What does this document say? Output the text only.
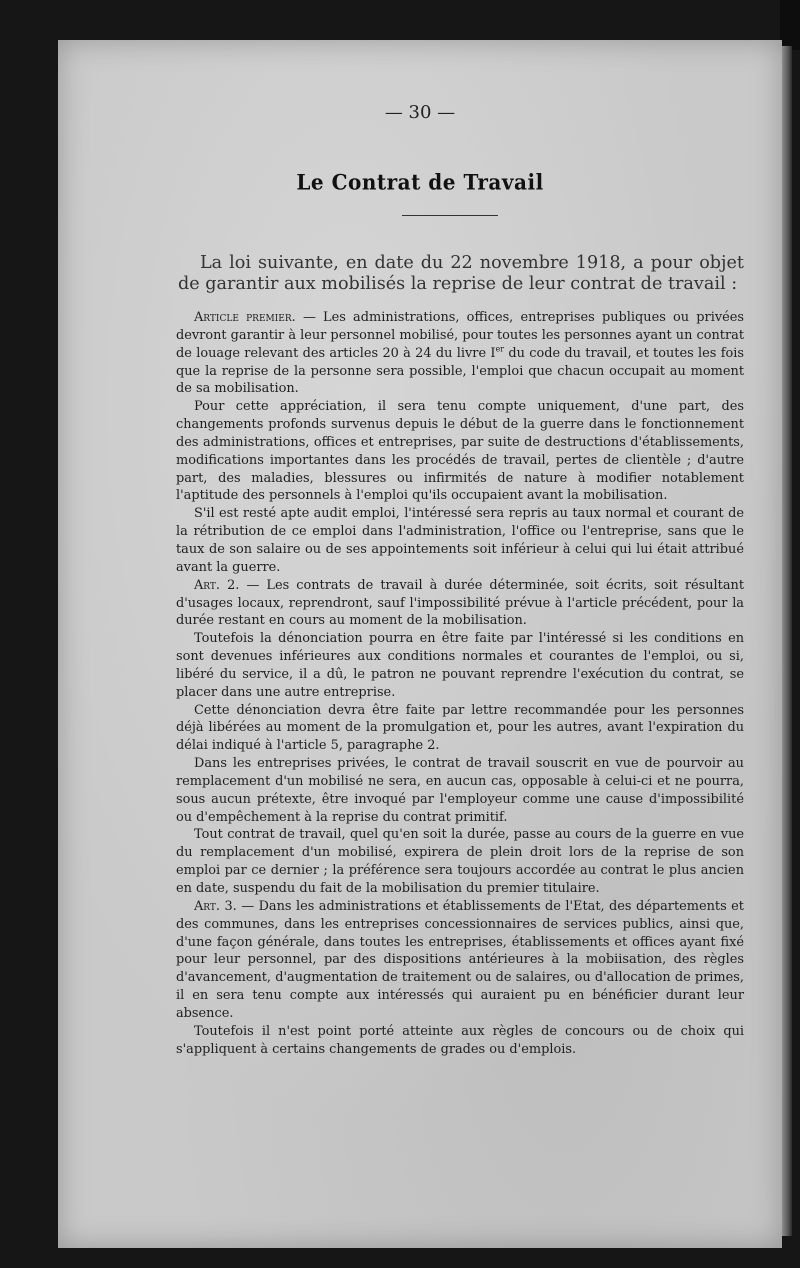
— 30 —
Le Contrat de Travail

La loi suivante, en date du 22 novembre 1918, a pour objet de garantir aux mobilisés la reprise de leur contrat de travail :

Article premier. — Les administrations, offices, entreprises publiques ou privées devront garantir à leur personnel mobilisé, pour toutes les personnes ayant un contrat de louage relevant des articles 20 à 24 du livre Ier du code du travail, et toutes les fois que la reprise de la personne sera possible, l'emploi que chacun occupait au moment de sa mobilisation.

Pour cette appréciation, il sera tenu compte uniquement, d'une part, des changements profonds survenus depuis le début de la guerre dans le fonctionnement des administrations, offices et entreprises, par suite de destructions d'établissements, modifications importantes dans les procédés de travail, pertes de clientèle ; d'autre part, des maladies, blessures ou infirmités de nature à modifier notablement l'aptitude des personnels à l'emploi qu'ils occupaient avant la mobilisation.

S'il est resté apte audit emploi, l'intéressé sera repris au taux normal et courant de la rétribution de ce emploi dans l'administration, l'office ou l'entreprise, sans que le taux de son salaire ou de ses appointements soit inférieur à celui qui lui était attribué avant la guerre.

Art. 2. — Les contrats de travail à durée déterminée, soit écrits, soit résultant d'usages locaux, reprendront, sauf l'impossibilité prévue à l'article précédent, pour la durée restant en cours au moment de la mobilisation.

Toutefois la dénonciation pourra en être faite par l'intéressé si les conditions en sont devenues inférieures aux conditions normales et courantes de l'emploi, ou si, libéré du service, il a dû, le patron ne pouvant reprendre l'exécution du contrat, se placer dans une autre entreprise.

Cette dénonciation devra être faite par lettre recommandée pour les personnes déjà libérées au moment de la promulgation et, pour les autres, avant l'expiration du délai indiqué à l'article 5, paragraphe 2.

Dans les entreprises privées, le contrat de travail souscrit en vue de pourvoir au remplacement d'un mobilisé ne sera, en aucun cas, opposable à celui-ci et ne pourra, sous aucun prétexte, être invoqué par l'employeur comme une cause d'impossibilité ou d'empêchement à la reprise du contrat primitif.

Tout contrat de travail, quel qu'en soit la durée, passe au cours de la guerre en vue du remplacement d'un mobilisé, expirera de plein droit lors de la reprise de son emploi par ce dernier ; la préférence sera toujours accordée au contrat le plus ancien en date, suspendu du fait de la mobilisation du premier titulaire.

Art. 3. — Dans les administrations et établissements de l'Etat, des départements et des communes, dans les entreprises concessionnaires de services publics, ainsi que, d'une façon générale, dans toutes les entreprises, établissements et offices ayant fixé pour leur personnel, par des dispositions antérieures à la mobiisation, des règles d'avancement, d'augmentation de traitement ou de salaires, ou d'allocation de primes, il en sera tenu compte aux intéressés qui auraient pu en bénéficier durant leur absence.

Toutefois il n'est point porté atteinte aux règles de concours ou de choix qui s'appliquent à certains changements de grades ou d'emplois.
